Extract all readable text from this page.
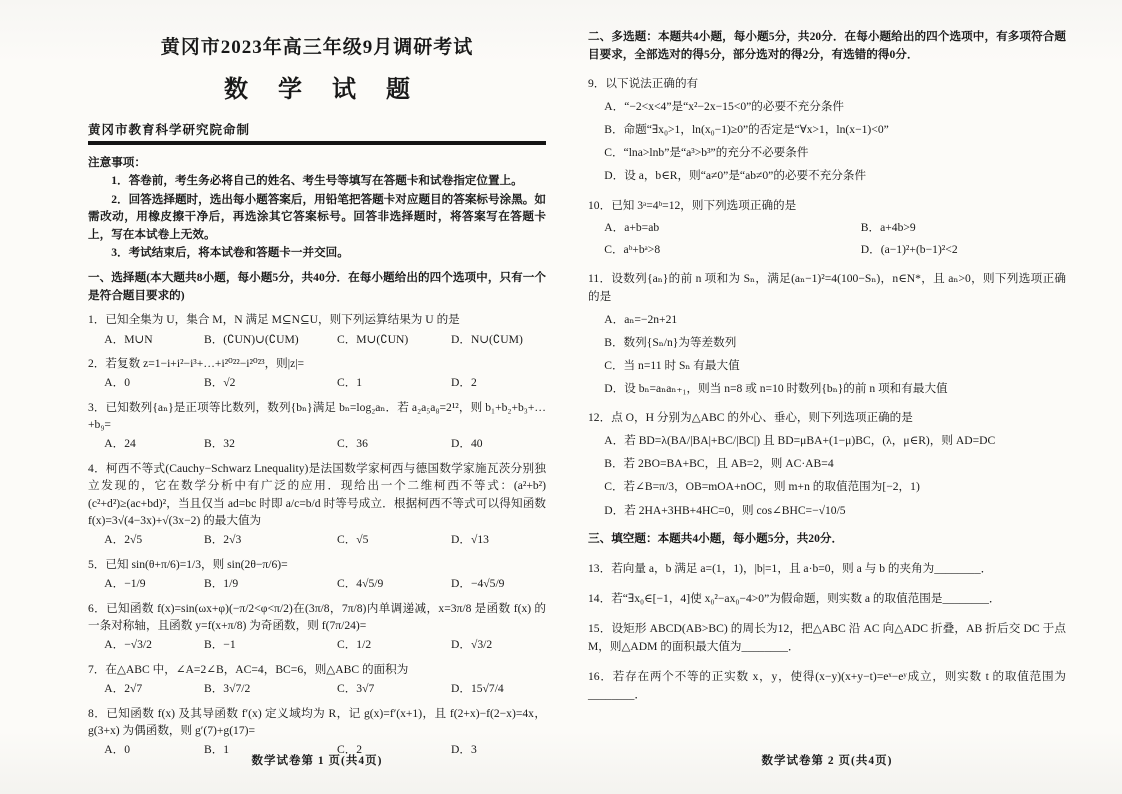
黄冈市2023年高三年级9月调研考试
数 学 试 题
黄冈市教育科学研究院命制
注意事项：
1．答卷前，考生务必将自己的姓名、考生号等填写在答题卡和试卷指定位置上。
2．回答选择题时，选出每小题答案后，用铅笔把答题卡对应题目的答案标号涂黑。如需改动，用橡皮擦干净后，再选涂其它答案标号。回答非选择题时，将答案写在答题卡上，写在本试卷上无效。
3．考试结束后，将本试卷和答题卡一并交回。
一、选择题(本大题共8小题，每小题5分，共40分．在每小题给出的四个选项中，只有一个是符合题目要求的)
1．已知全集为 U，集合 M，N 满足 M⊆N⊆U，则下列运算结果为 U 的是
A．M∪N	B．(∁UN)∪(∁UM)	C．M∪(∁UN)	D．N∪(∁UM)
2．若复数 z=1−i+i²−i³+…+i²⁰²²−i²⁰²³，则|z|=
A．0	B．√2	C．1	D．2
3．已知数列{aₙ}是正项等比数列，数列{bₙ}满足 bₙ=log₂aₙ．若 a₂a₅a₈=2¹²，则 b₁+b₂+b₃+…+b₉=
A．24	B．32	C．36	D．40
4．柯西不等式(Cauchy−Schwarz Lnequality)是法国数学家柯西与德国数学家施瓦茨分别独立发现的，它在数学分析中有广泛的应用．现给出一个二维柯西不等式：(a²+b²)(c²+d²)≥(ac+bd)²，当且仅当 ad=bc 时即 a/c=b/d 时等号成立．根据柯西不等式可以得知函数 f(x)=3√(4−3x)+√(3x−2) 的最大值为
A．2√5	B．2√3	C．√5	D．√13
5．已知 sin(θ+π/6)=1/3，则 sin(2θ−π/6)=
A．−1/9	B．1/9	C．4√5/9	D．−4√5/9
6．已知函数 f(x)=sin(ωx+φ)(−π/2<φ<π/2)在(3π/8，7π/8)内单调递减，x=3π/8 是函数 f(x) 的一条对称轴，且函数 y=f(x+π/8) 为奇函数，则 f(7π/24)=
A．−√3/2	B．−1	C．1/2	D．√3/2
7．在△ABC 中，∠A=2∠B，AC=4，BC=6，则△ABC 的面积为
A．2√7	B．3√7/2	C．3√7	D．15√7/4
8．已知函数 f(x) 及其导函数 f′(x) 定义域均为 R，记 g(x)=f′(x+1)，且 f(2+x)−f(2−x)=4x，g(3+x) 为偶函数，则 g′(7)+g(17)=
A．0	B．1	C．2	D．3
数学试卷第 1 页(共4页)
二、多选题：本题共4小题，每小题5分，共20分．在每小题给出的四个选项中，有多项符合题目要求，全部选对的得5分，部分选对的得2分，有选错的得0分．
9．以下说法正确的有
A．“−2<x<4”是“x²−2x−15<0”的必要不充分条件
B．命题“∃x₀>1，ln(x₀−1)≥0”的否定是“∀x>1，ln(x−1)<0”
C．“lna>lnb”是“a³>b³”的充分不必要条件
D．设 a，b∈R，则“a≠0”是“ab≠0”的必要不充分条件
10．已知 3ᵃ=4ᵇ=12，则下列选项正确的是
A．a+b=ab	B．a+4b>9
C．aᵇ+bᵃ>8	D．(a−1)²+(b−1)²<2
11．设数列{aₙ}的前 n 项和为 Sₙ，满足(aₙ−1)²=4(100−Sₙ)，n∈N*，且 aₙ>0，则下列选项正确的是
A．aₙ=−2n+21
B．数列{Sₙ/n}为等差数列
C．当 n=11 时 Sₙ 有最大值
D．设 bₙ=aₙaₙ₊₁，则当 n=8 或 n=10 时数列{bₙ}的前 n 项和有最大值
12．点 O，H 分别为△ABC 的外心、垂心，则下列选项正确的是
A．若 BD=λ(BA/|BA|+BC/|BC|) 且 BD=μBA+(1−μ)BC，(λ，μ∈R)，则 AD=DC
B．若 2BO=BA+BC，且 AB=2，则 AC·AB=4
C．若∠B=π/3，OB=mOA+nOC，则 m+n 的取值范围为[−2，1)
D．若 2HA+3HB+4HC=0，则 cos∠BHC=−√10/5
三、填空题：本题共4小题，每小题5分，共20分．
13．若向量 a，b 满足 a=(1，1)，|b|=1，且 a·b=0，则 a 与 b 的夹角为________．
14．若“∃x₀∈[−1，4]使 x₀²−ax₀−4>0”为假命题，则实数 a 的取值范围是________．
15．设矩形 ABCD(AB>BC) 的周长为12，把△ABC 沿 AC 向△ADC 折叠，AB 折后交 DC 于点 M，则△ADM 的面积最大值为________．
16．若存在两个不等的正实数 x，y，使得(x−y)(x+y−t)=eˣ−eʸ成立，则实数 t 的取值范围为________．
数学试卷第 2 页(共4页)
